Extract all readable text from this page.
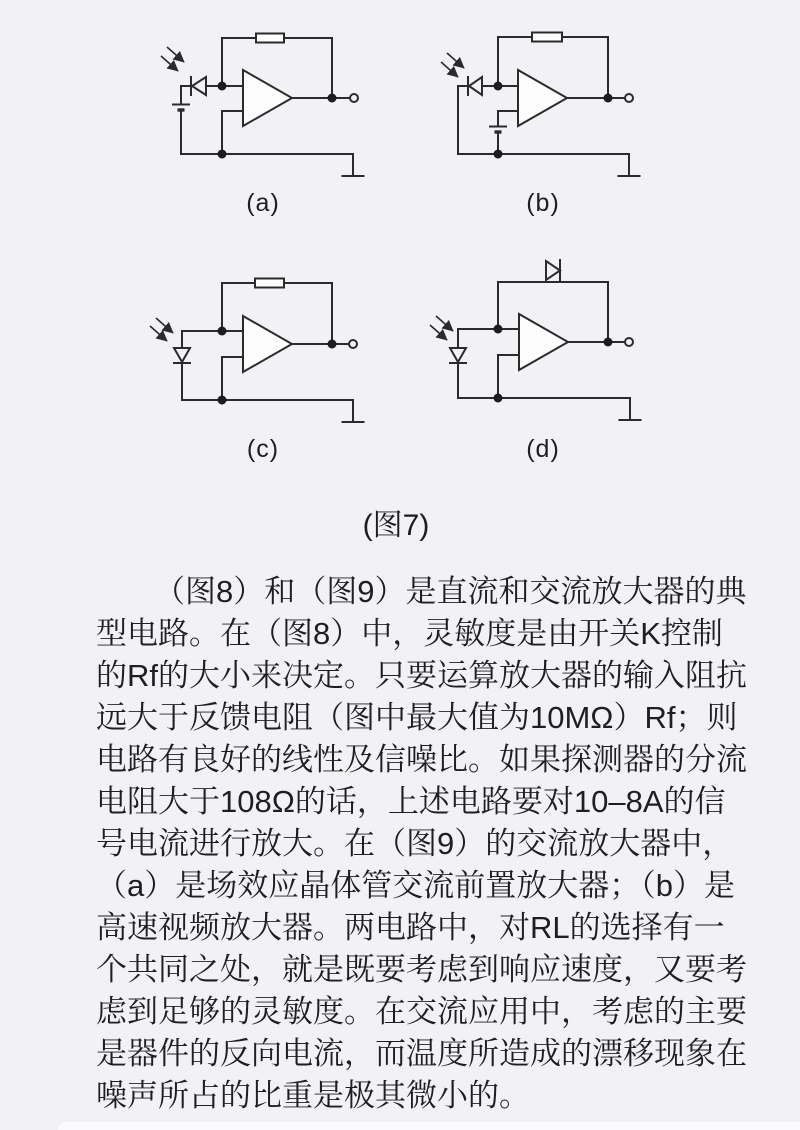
(a)	(b)
(c)	(d)
(图7)
（图8）和（图9）是直流和交流放大器的典
型电路。在（图8）中，灵敏度是由开关K控制
的Rf的大小来决定。只要运算放大器的输入阻抗
远大于反馈电阻（图中最大值为10MΩ）Rf；则
电路有良好的线性及信噪比。如果探测器的分流
电阻大于108Ω的话，上述电路要对10–8A的信
号电流进行放大。在（图9）的交流放大器中，
（a）是场效应晶体管交流前置放大器；（b）是
高速视频放大器。两电路中，对RL的选择有一
个共同之处，就是既要考虑到响应速度，又要考
虑到足够的灵敏度。在交流应用中，考虑的主要
是器件的反向电流，而温度所造成的漂移现象在
噪声所占的比重是极其微小的。
